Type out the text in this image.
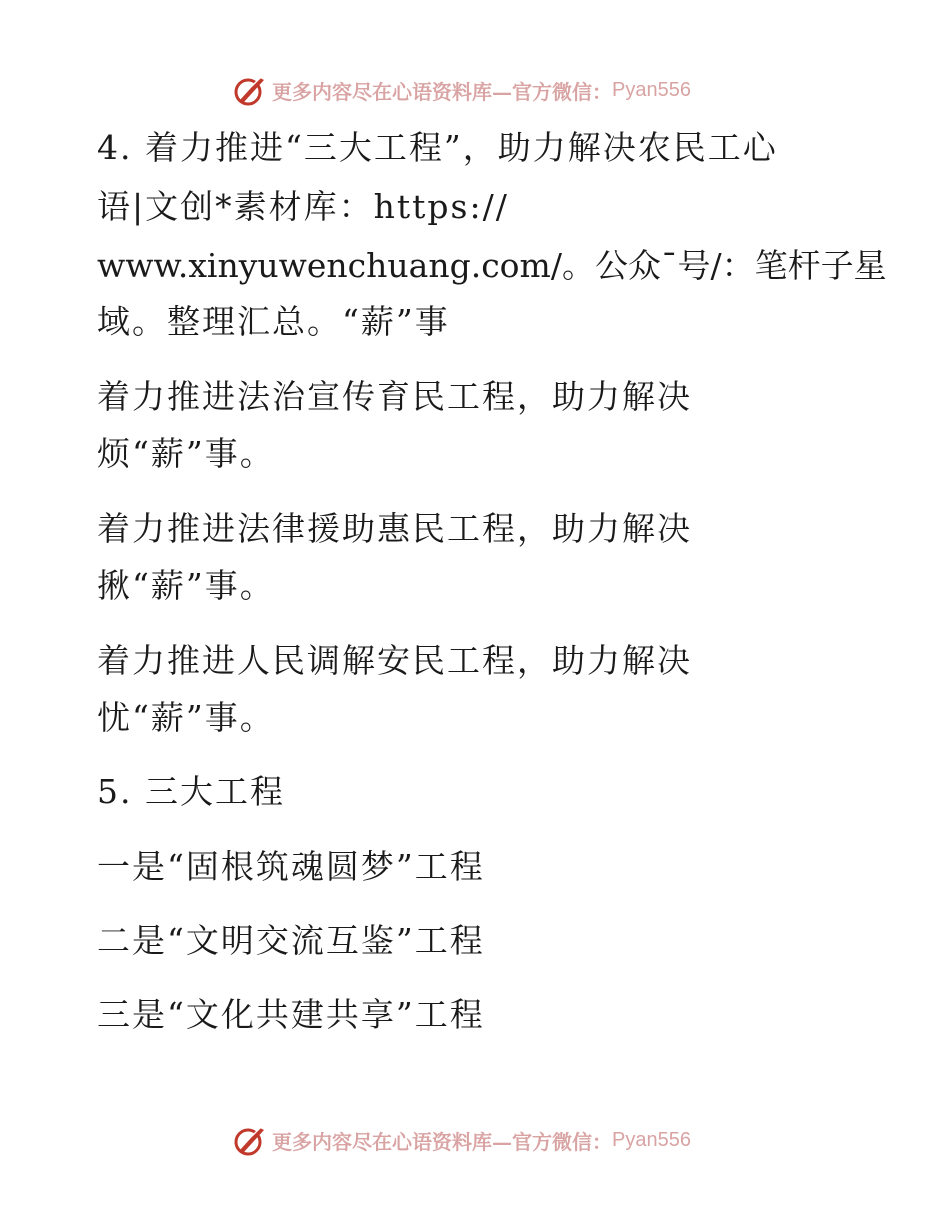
更多内容尽在心语资料库—官方微信： Pyan556
4. 着力推进“三大工程”，助力解决农民工心
语|文创*素材库：https://
www.xinyuwenchuang.com/。公众¯号/：笔杆子星
域。整理汇总。“薪”事
着力推进法治宣传育民工程，助力解决
烦“薪”事。
着力推进法律援助惠民工程，助力解决
揪“薪”事。
着力推进人民调解安民工程，助力解决
忧“薪”事。
5. 三大工程
一是“固根筑魂圆梦”工程
二是“文明交流互鉴”工程
三是“文化共建共享”工程
更多内容尽在心语资料库—官方微信： Pyan556
